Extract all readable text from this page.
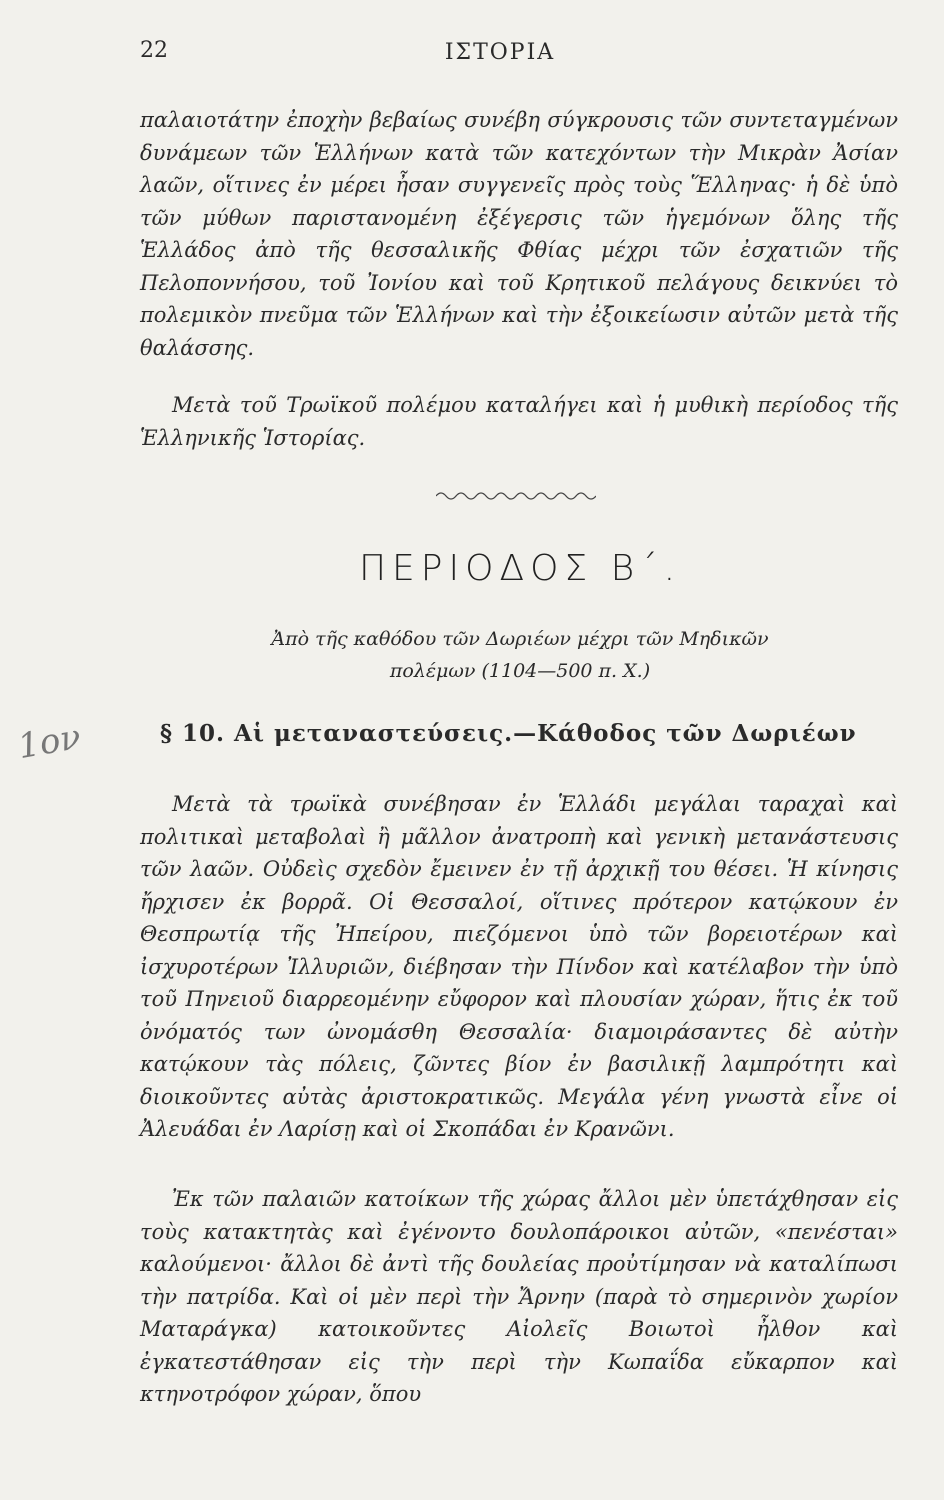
22	ΙΣΤΟΡΙΑ

παλαιοτάτην ἐποχὴν βεβαίως συνέβη σύγκρουσις τῶν συντεταγμένων δυνάμεων τῶν Ἑλλήνων κατὰ τῶν κατεχόντων τὴν Μικρὰν Ἀσίαν λαῶν, οἵτινες ἐν μέρει ἦσαν συγγενεῖς πρὸς τοὺς Ἕλληνας· ἡ δὲ ὑπὸ τῶν μύθων παριστανομένη ἐξέγερσις τῶν ἡγεμόνων ὅλης τῆς Ἑλλάδος ἀπὸ τῆς θεσσαλικῆς Φθίας μέχρι τῶν ἐσχατιῶν τῆς Πελοποννήσου, τοῦ Ἰονίου καὶ τοῦ Κρητικοῦ πελάγους δεικνύει τὸ πολεμικὸν πνεῦμα τῶν Ἑλλήνων καὶ τὴν ἐξοικείωσιν αὐτῶν μετὰ τῆς θαλάσσης.

Μετὰ τοῦ Τρωϊκοῦ πολέμου καταλήγει καὶ ἡ μυθικὴ περίοδος τῆς Ἑλληνικῆς Ἱστορίας.

ΠΕΡΙΟΔΟΣ Β΄.
Ἀπὸ τῆς καθόδου τῶν Δωριέων μέχρι τῶν Μηδικῶν
πολέμων (1104—500 π. Χ.)
1ον	§ 10. Αἱ μεταναστεύσεις.—Κάθοδος τῶν Δωριέων

Μετὰ τὰ τρωϊκὰ συνέβησαν ἐν Ἑλλάδι μεγάλαι ταραχαὶ καὶ πολιτικαὶ μεταβολαὶ ἢ μᾶλλον ἀνατροπὴ καὶ γενικὴ μετανάστευσις τῶν λαῶν. Οὐδεὶς σχεδὸν ἔμεινεν ἐν τῇ ἀρχικῇ του θέσει. Ἡ κίνησις ἤρχισεν ἐκ βορρᾶ. Οἱ Θεσσαλοί, οἵτινες πρότερον κατῴκουν ἐν Θεσπρωτίᾳ τῆς Ἠπείρου, πιεζόμενοι ὑπὸ τῶν βορειοτέρων καὶ ἰσχυροτέρων Ἰλλυριῶν, διέβησαν τὴν Πίνδον καὶ κατέλαβον τὴν ὑπὸ τοῦ Πηνειοῦ διαρρεομένην εὔφορον καὶ πλουσίαν χώραν, ἥτις ἐκ τοῦ ὀνόματός των ὠνομάσθη Θεσσαλία· διαμοιράσαντες δὲ αὐτὴν κατῴκουν τὰς πόλεις, ζῶντες βίον ἐν βασιλικῇ λαμπρότητι καὶ διοικοῦντες αὐτὰς ἀριστοκρατικῶς. Μεγάλα γένη γνωστὰ εἶνε οἱ Ἀλευάδαι ἐν Λαρίσῃ καὶ οἱ Σκοπάδαι ἐν Κρανῶνι.

Ἐκ τῶν παλαιῶν κατοίκων τῆς χώρας ἄλλοι μὲν ὑπετάχθησαν εἰς τοὺς κατακτητὰς καὶ ἐγένοντο δουλοπάροικοι αὐτῶν, «πενέσται» καλούμενοι· ἄλλοι δὲ ἀντὶ τῆς δουλείας προὐτίμησαν νὰ καταλίπωσι τὴν πατρίδα. Καὶ οἱ μὲν περὶ τὴν Ἄρνην (παρὰ τὸ σημερινὸν χωρίον Ματαράγκα) κατοικοῦντες Αἰολεῖς Βοιωτοὶ ἦλθον καὶ ἐγκατεστάθησαν εἰς τὴν περὶ τὴν Κωπαΐδα εὔκαρπον καὶ κτηνοτρόφον χώραν, ὅπου
